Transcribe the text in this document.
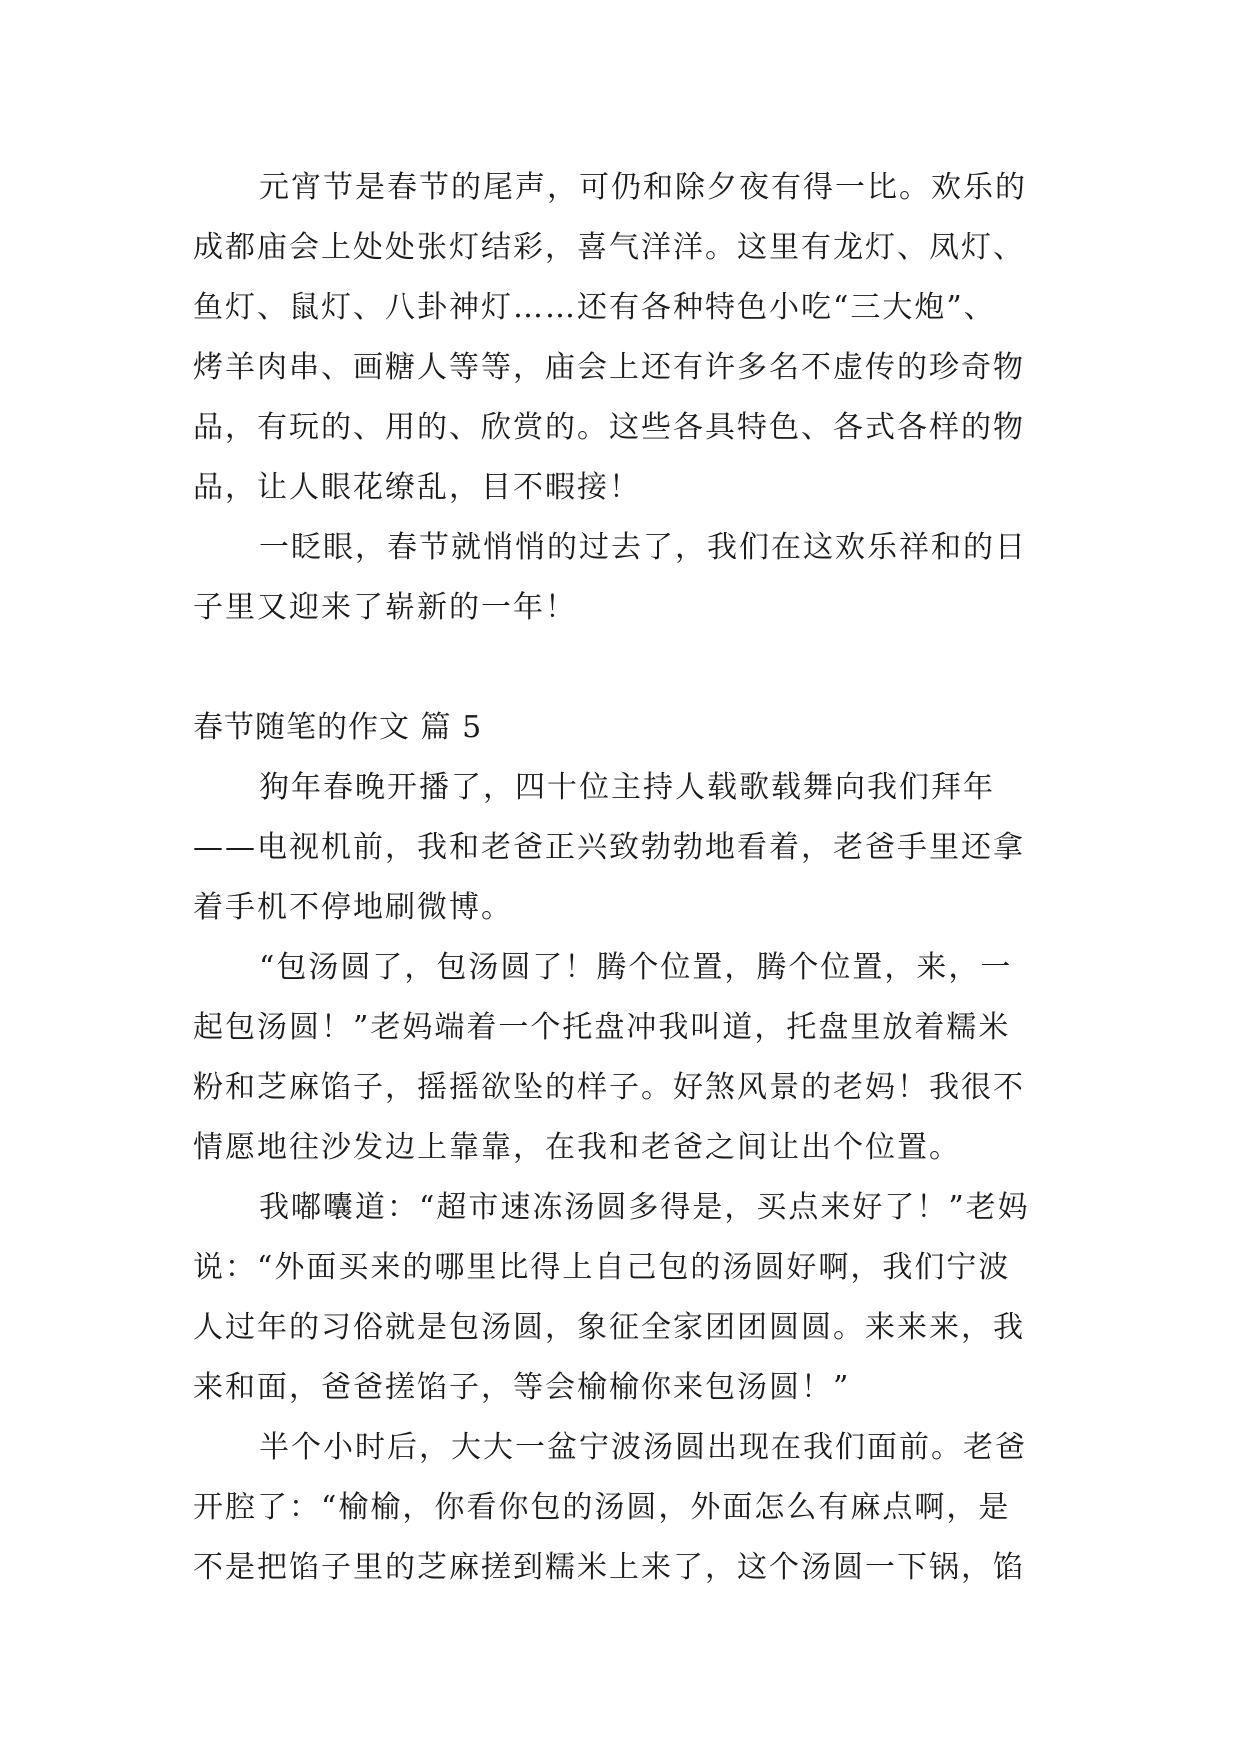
元宵节是春节的尾声，可仍和除夕夜有得一比。欢乐的
成都庙会上处处张灯结彩，喜气洋洋。这里有龙灯、凤灯、
鱼灯、鼠灯、八卦神灯……还有各种特色小吃“三大炮”、
烤羊肉串、画糖人等等，庙会上还有许多名不虚传的珍奇物
品，有玩的、用的、欣赏的。这些各具特色、各式各样的物
品，让人眼花缭乱，目不暇接！
一眨眼，春节就悄悄的过去了，我们在这欢乐祥和的日
子里又迎来了崭新的一年！
春节随笔的作文 篇 5
狗年春晚开播了，四十位主持人载歌载舞向我们拜年
——电视机前，我和老爸正兴致勃勃地看着，老爸手里还拿
着手机不停地刷微博。
“包汤圆了，包汤圆了！腾个位置，腾个位置，来，一
起包汤圆！”老妈端着一个托盘冲我叫道，托盘里放着糯米
粉和芝麻馅子，摇摇欲坠的样子。好煞风景的老妈！我很不
情愿地往沙发边上靠靠，在我和老爸之间让出个位置。
我嘟囔道：“超市速冻汤圆多得是，买点来好了！”老妈
说：“外面买来的哪里比得上自己包的汤圆好啊，我们宁波
人过年的习俗就是包汤圆，象征全家团团圆圆。来来来，我
来和面，爸爸搓馅子，等会榆榆你来包汤圆！”
半个小时后，大大一盆宁波汤圆出现在我们面前。老爸
开腔了：“榆榆，你看你包的汤圆，外面怎么有麻点啊，是
不是把馅子里的芝麻搓到糯米上来了，这个汤圆一下锅，馅
